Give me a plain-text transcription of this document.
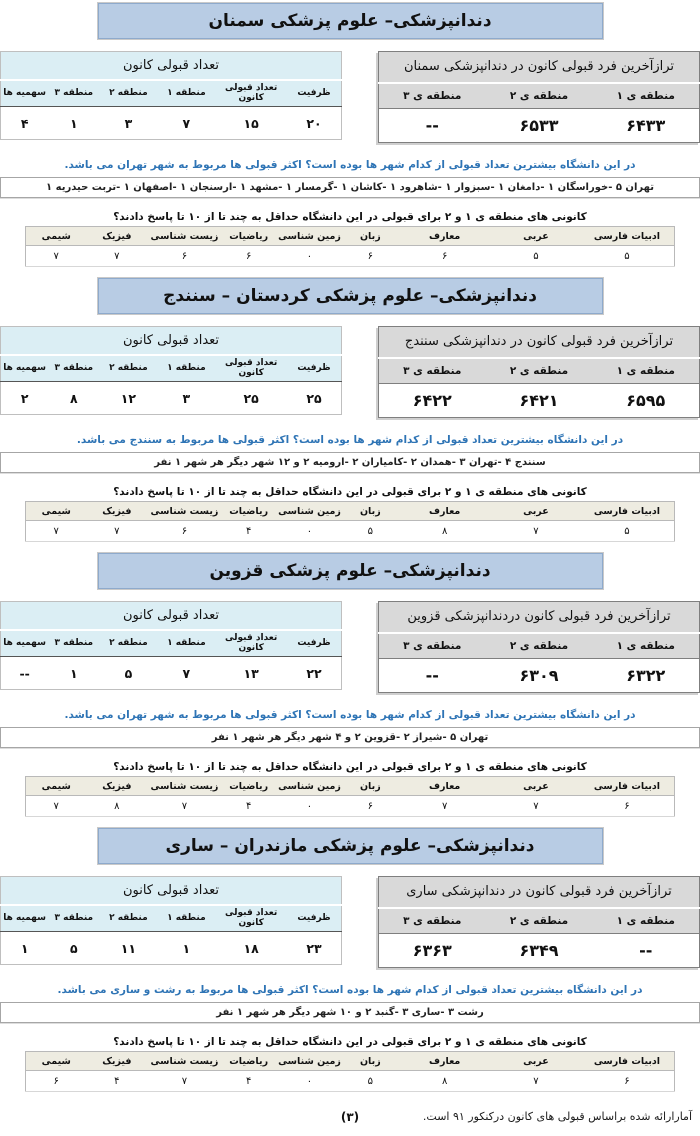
دندانپزشکی– علوم پزشکی سمنان
ترازآخرین فرد قبولی کانون در دندانپزشکی سمنان		
منطقه ی ۱	منطقه ی ۲	منطقه ی ۳
۶۴۳۳	۶۵۳۳	--
تعداد قبولی کانون					
ظرفیت	تعداد قبولی کانون	منطقه ۱	منطقه ۲	منطقه ۳	سهمیه ها
۲۰	۱۵	۷	۳	۱	۴
در این دانشگاه بیشترین تعداد قبولی از کدام شهر ها بوده است؟ اکثر قبولی ها مربوط به شهر تهران می باشد.
تهران ۵ -خوراسگان ۱ -دامغان ۱ -سبزوار ۱ -شاهرود ۱ -کاشان ۱ -گرمسار ۱ -مشهد ۱ -ارسنجان ۱ -اصفهان ۱ -تربت حیدریه ۱
کانونی های منطقه ی ۱ و ۲ برای قبولی در این دانشگاه حداقل به چند تا از ۱۰ تا پاسخ دادند؟
ادبیات فارسی	عربی	معارف	زبان	زمین شناسی	ریاضیات	زیست شناسی	فیزیک	شیمی
۵	۵	۶	۶	۰	۶	۶	۷	۷
دندانپزشکی– علوم پزشکی کردستان – سنندج
ترازآخرین فرد قبولی کانون در دندانپزشکی سنندج		
منطقه ی ۱	منطقه ی ۲	منطقه ی ۳
۶۵۹۵	۶۴۲۱	۶۴۲۲
تعداد قبولی کانون					
ظرفیت	تعداد قبولی کانون	منطقه ۱	منطقه ۲	منطقه ۳	سهمیه ها
۲۵	۲۵	۳	۱۲	۸	۲
در این دانشگاه بیشترین تعداد قبولی از کدام شهر ها بوده است؟ اکثر قبولی ها مربوط به سنندج می باشد.
سنندج ۴ -تهران ۳ -همدان ۲ -کامیاران ۲ -ارومیه ۲ و ۱۲ شهر دیگر هر شهر ۱ نفر
کانونی های منطقه ی ۱ و ۲ برای قبولی در این دانشگاه حداقل به چند تا از ۱۰ تا پاسخ دادند؟
ادبیات فارسی	عربی	معارف	زبان	زمین شناسی	ریاضیات	زیست شناسی	فیزیک	شیمی
۵	۷	۸	۵	۰	۴	۶	۷	۷
دندانپزشکی– علوم پزشکی قزوین
ترازآخرین فرد قبولی کانون دردندانپزشکی قزوین		
منطقه ی ۱	منطقه ی ۲	منطقه ی ۳
۶۳۲۲	۶۳۰۹	--
تعداد قبولی کانون					
ظرفیت	تعداد قبولی کانون	منطقه ۱	منطقه ۲	منطقه ۳	سهمیه ها
۲۲	۱۳	۷	۵	۱	--
در این دانشگاه بیشترین تعداد قبولی از کدام شهر ها بوده است؟ اکثر قبولی ها مربوط به شهر تهران می باشد.
تهران ۵ -شیراز ۲ -قزوین ۲ و ۴ شهر دیگر هر شهر ۱ نفر
کانونی های منطقه ی ۱ و ۲ برای قبولی در این دانشگاه حداقل به چند تا از ۱۰ تا پاسخ دادند؟
ادبیات فارسی	عربی	معارف	زبان	زمین شناسی	ریاضیات	زیست شناسی	فیزیک	شیمی
۶	۷	۷	۶	۰	۴	۷	۸	۷
دندانپزشکی– علوم پزشکی مازندران – ساری
ترازآخرین فرد قبولی کانون در دندانپزشکی ساری		
منطقه ی ۱	منطقه ی ۲	منطقه ی ۳
--	۶۳۴۹	۶۳۶۳
تعداد قبولی کانون					
ظرفیت	تعداد قبولی کانون	منطقه ۱	منطقه ۲	منطقه ۳	سهمیه ها
۲۳	۱۸	۱	۱۱	۵	۱
در این دانشگاه بیشترین تعداد قبولی از کدام شهر ها بوده است؟ اکثر قبولی ها مربوط به رشت و ساری می باشد.
رشت ۳ -ساری ۳ -گنبد ۲ و ۱۰ شهر دیگر هر شهر ۱ نفر
کانونی های منطقه ی ۱ و ۲ برای قبولی در این دانشگاه حداقل به چند تا از ۱۰ تا پاسخ دادند؟
ادبیات فارسی	عربی	معارف	زبان	زمین شناسی	ریاضیات	زیست شناسی	فیزیک	شیمی
۶	۷	۸	۵	۰	۴	۷	۴	۶
آمارارائه شده براساس قبولی های کانون درکنکور ۹۱ است.
(۳)
